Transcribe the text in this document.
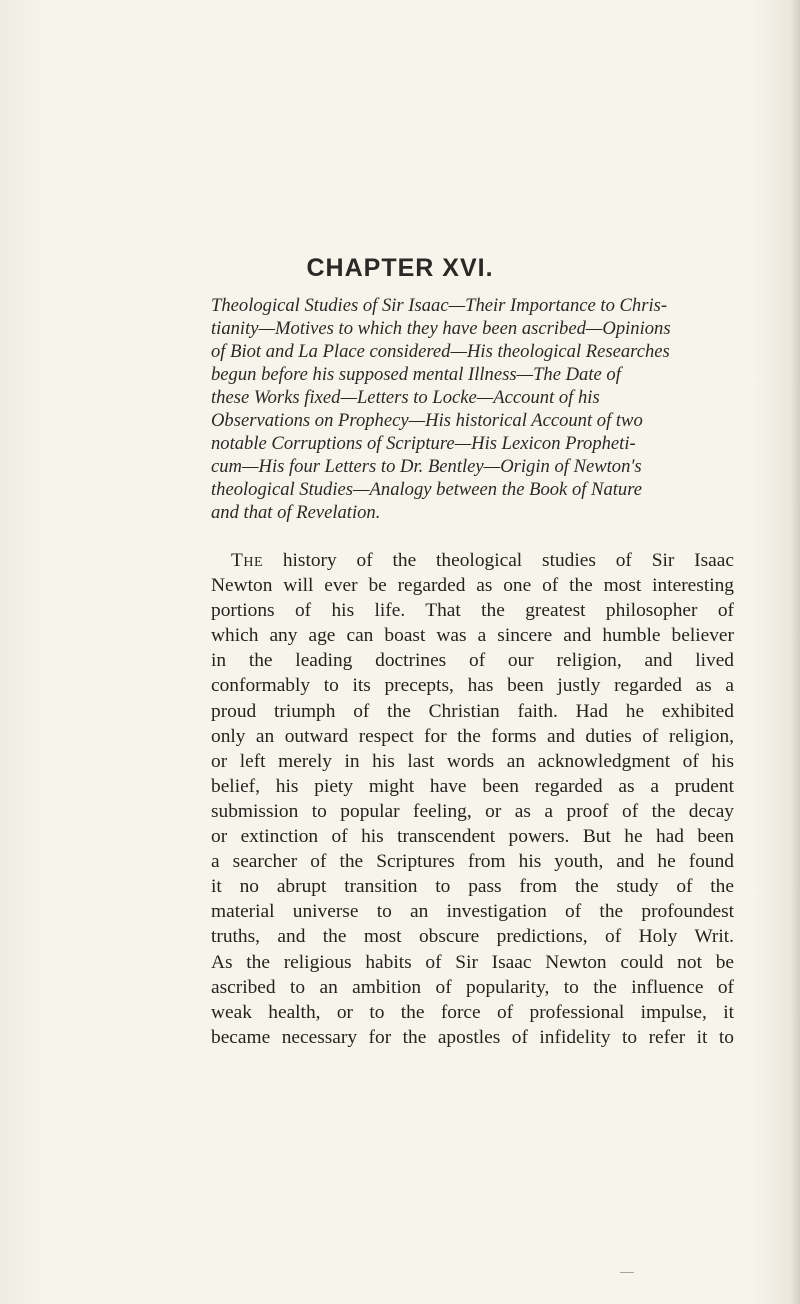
CHAPTER XVI.
Theological Studies of Sir Isaac—Their Importance to Chris-
tianity—Motives to which they have been ascribed—Opinions
of Biot and La Place considered—His theological Researches
begun before his supposed mental Illness—The Date of
these Works fixed—Letters to Locke—Account of his
Observations on Prophecy—His historical Account of two
notable Corruptions of Scripture—His Lexicon Propheti-
cum—His four Letters to Dr. Bentley—Origin of Newton's
theological Studies—Analogy between the Book of Nature
and that of Revelation.
The history of the theological studies of Sir Isaac
Newton will ever be regarded as one of the most interesting
portions of his life. That the greatest philosopher of
which any age can boast was a sincere and humble believer
in the leading doctrines of our religion, and lived
conformably to its precepts, has been justly regarded as a
proud triumph of the Christian faith. Had he exhibited
only an outward respect for the forms and duties of religion,
or left merely in his last words an acknowledgment of his
belief, his piety might have been regarded as a prudent
submission to popular feeling, or as a proof of the decay
or extinction of his transcendent powers. But he had been
a searcher of the Scriptures from his youth, and he found
it no abrupt transition to pass from the study of the
material universe to an investigation of the profoundest
truths, and the most obscure predictions, of Holy Writ.
As the religious habits of Sir Isaac Newton could not be
ascribed to an ambition of popularity, to the influence of
weak health, or to the force of professional impulse, it
became necessary for the apostles of infidelity to refer it to
